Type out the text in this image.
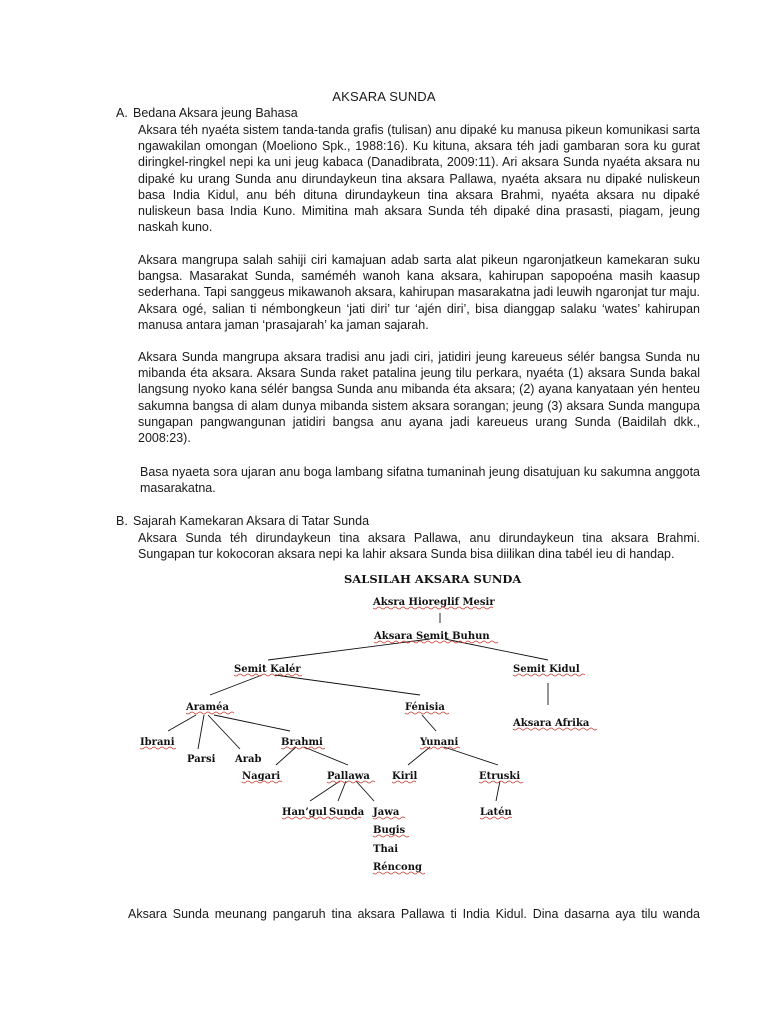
AKSARA SUNDA
A. Bedana Aksara jeung Bahasa

Aksara téh nyaéta sistem tanda-tanda grafis (tulisan) anu dipaké ku manusa pikeun komunikasi sarta ngawakilan omongan (Moeliono Spk., 1988:16). Ku kituna, aksara téh jadi gambaran sora ku gurat diringkel-ringkel nepi ka uni jeug kabaca (Danadibrata, 2009:11). Ari aksara Sunda nyaéta aksara nu dipaké ku urang Sunda anu dirundaykeun tina aksara Pallawa, nyaéta aksara nu dipaké nuliskeun basa India Kidul, anu béh dituna dirundaykeun tina aksara Brahmi, nyaéta aksara nu dipaké nuliskeun basa India Kuno. Mimitina mah aksara Sunda téh dipaké dina prasasti, piagam, jeung naskah kuno.

Aksara mangrupa salah sahiji ciri kamajuan adab sarta alat pikeun ngaronjatkeun kamekaran suku bangsa. Masarakat Sunda, saméméh wanoh kana aksara, kahirupan sapopoéna masih kaasup sederhana. Tapi sanggeus mikawanoh aksara, kahirupan masarakatna jadi leuwih ngaronjat tur maju. Aksara ogé, salian ti némbongkeun ‘jati diri’ tur ‘ajén diri’, bisa dianggap salaku ‘wates’ kahirupan manusa antara jaman ‘prasajarah’ ka jaman sajarah.

Aksara Sunda mangrupa aksara tradisi anu jadi ciri, jatidiri jeung kareueus sélér bangsa Sunda nu mibanda éta aksara. Aksara Sunda raket patalina jeung tilu perkara, nyaéta (1) aksara Sunda bakal langsung nyoko kana sélér bangsa Sunda anu mibanda éta aksara; (2) ayana kanyataan yén henteu sakumna bangsa di alam dunya mibanda sistem aksara sorangan; jeung (3) aksara Sunda mangupa sungapan pangwangunan jatidiri bangsa anu ayana jadi kareueus urang Sunda (Baidilah dkk., 2008:23).

Basa nyaeta sora ujaran anu boga lambang sifatna tumaninah jeung disatujuan ku sakumna anggota masarakatna.

B. Sajarah Kamekaran Aksara di Tatar Sunda

Aksara Sunda téh dirundaykeun tina aksara Pallawa, anu dirundaykeun tina aksara Brahmi. Sungapan tur kokocoran aksara nepi ka lahir aksara Sunda bisa diilikan dina tabél ieu di handap.

SALSILAH AKSARA SUNDA
Aksra Hioreglif Mesir
Aksara Semit Buhun
Semit Kalér	Semit Kidul
Araméa	Fénisia
Aksara Afrika
Ibrani	Brahmi	Yunani
Parsi Arab
Nagari	Pallawa Kiril	Etruski
Han’gul Sunda Jawa
Bugis
Thai
Réncong
Latén

Aksara Sunda meunang pangaruh tina aksara Pallawa ti India Kidul. Dina dasarna aya tilu wanda
